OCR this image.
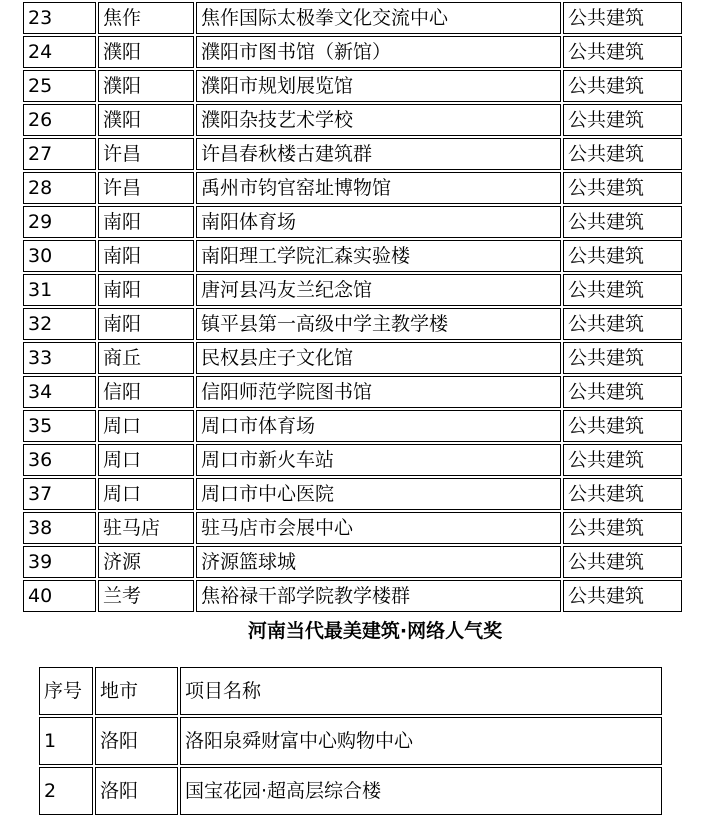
23	焦作	焦作国际太极拳文化交流中心	公共建筑
24	濮阳	濮阳市图书馆（新馆）	公共建筑
25	濮阳	濮阳市规划展览馆	公共建筑
26	濮阳	濮阳杂技艺术学校	公共建筑
27	许昌	许昌春秋楼古建筑群	公共建筑
28	许昌	禹州市钧官窑址博物馆	公共建筑
29	南阳	南阳体育场	公共建筑
30	南阳	南阳理工学院汇森实验楼	公共建筑
31	南阳	唐河县冯友兰纪念馆	公共建筑
32	南阳	镇平县第一高级中学主教学楼	公共建筑
33	商丘	民权县庄子文化馆	公共建筑
34	信阳	信阳师范学院图书馆	公共建筑
35	周口	周口市体育场	公共建筑
36	周口	周口市新火车站	公共建筑
37	周口	周口市中心医院	公共建筑
38	驻马店	驻马店市会展中心	公共建筑
39	济源	济源篮球城	公共建筑
40	兰考	焦裕禄干部学院教学楼群	公共建筑
河南当代最美建筑·网络人气奖
序号	地市	项目名称
1	洛阳	洛阳泉舜财富中心购物中心
2	洛阳	国宝花园·超高层综合楼
